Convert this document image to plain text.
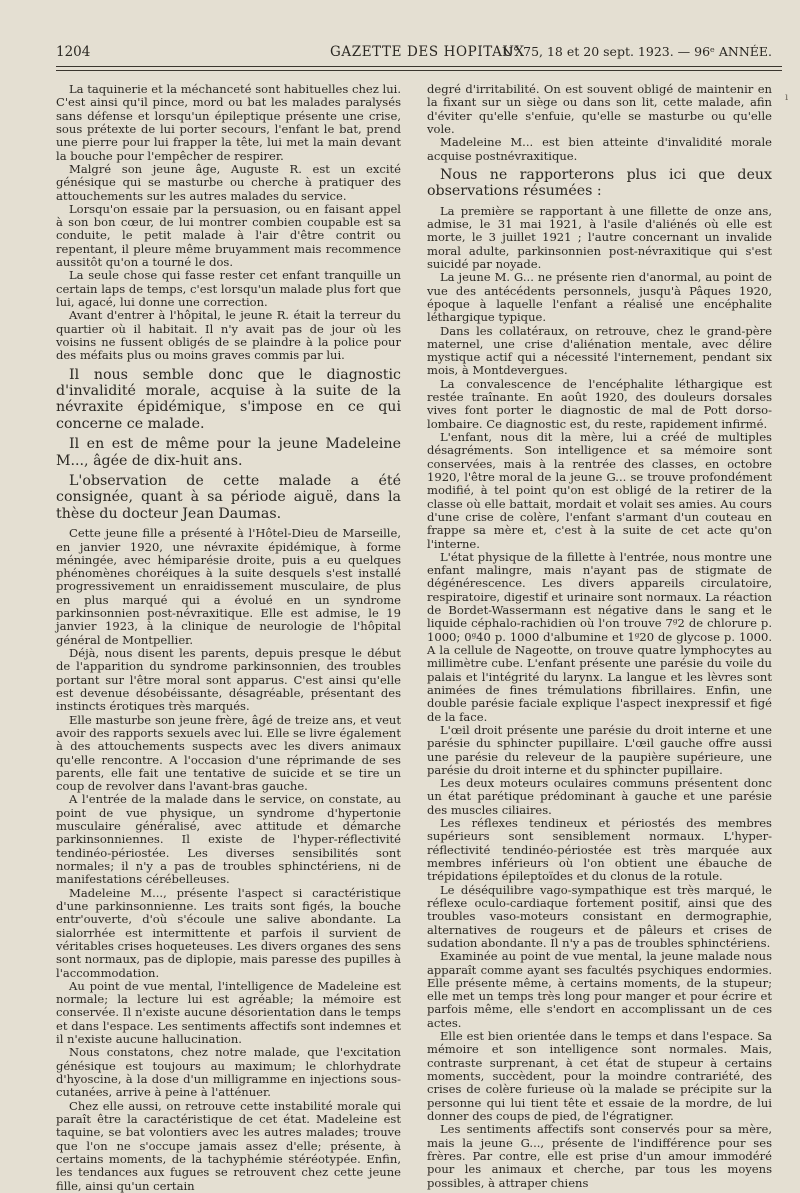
1204	GAZETTE DES HOPITAUX
N° 75, 18 et 20 sept. 1923. — 96ᵉ ANNÉE.

La taquinerie et la méchanceté sont habituelles chez lui. C'est ainsi qu'il pince, mord ou bat les malades paralysés sans défense et lorsqu'un épileptique présente une crise, sous prétexte de lui porter secours, l'enfant le bat, prend une pierre pour lui frapper la tête, lui met la main devant la bouche pour l'empêcher de respirer.

Malgré son jeune âge, Auguste R. est un excité génésique qui se masturbe ou cherche à pratiquer des attouchements sur les autres malades du service.

Lorsqu'on essaie par la persuasion, ou en faisant appel à son bon cœur, de lui montrer combien coupable est sa conduite, le petit malade à l'air d'être contrit ou repentant, il pleure même bruyamment mais recommence aussitôt qu'on a tourné le dos.

La seule chose qui fasse rester cet enfant tranquille un certain laps de temps, c'est lorsqu'un malade plus fort que lui, agacé, lui donne une correction.

Avant d'entrer à l'hôpital, le jeune R. était la terreur du quartier où il habitait. Il n'y avait pas de jour où les voisins ne fussent obligés de se plaindre à la police pour des méfaits plus ou moins graves commis par lui.

Il nous semble donc que le diagnostic d'invalidité morale, acquise à la suite de la névraxite épidémique, s'impose en ce qui concerne ce malade.

Il en est de même pour la jeune Madeleine M..., âgée de dix-huit ans.

L'observation de cette malade a été consignée, quant à sa période aiguë, dans la thèse du docteur Jean Daumas.

Cette jeune fille a présenté à l'Hôtel-Dieu de Marseille, en janvier 1920, une névraxite épidémique, à forme méningée, avec hémiparésie droite, puis a eu quelques phénomènes choréiques à la suite desquels s'est installé progressivement un enraidissement musculaire, de plus en plus marqué qui a évolué en un syndrome parkinsonnien post-névraxitique. Elle est admise, le 19 janvier 1923, à la clinique de neurologie de l'hôpital général de Montpellier.

Déjà, nous disent les parents, depuis presque le début de l'apparition du syndrome parkinsonnien, des troubles portant sur l'être moral sont apparus. C'est ainsi qu'elle est devenue désobéissante, désagréable, présentant des instincts érotiques très marqués.

Elle masturbe son jeune frère, âgé de treize ans, et veut avoir des rapports sexuels avec lui. Elle se livre également à des attouchements suspects avec les divers animaux qu'elle rencontre. A l'occasion d'une réprimande de ses parents, elle fait une tentative de suicide et se tire un coup de revolver dans l'avant-bras gauche.

A l'entrée de la malade dans le service, on constate, au point de vue physique, un syndrome d'hypertonie musculaire généralisé, avec attitude et démarche parkinsonniennes. Il existe de l'hyper-réflectivité tendinéo-périostée. Les diverses sensibilités sont normales; il n'y a pas de troubles sphinctériens, ni de manifestations cérébelleuses.

Madeleine M..., présente l'aspect si caractéristique d'une parkinsonnienne. Les traits sont figés, la bouche entr'ouverte, d'où s'écoule une salive abondante. La sialorrhée est intermittente et parfois il survient de véritables crises hoqueteuses. Les divers organes des sens sont normaux, pas de diplopie, mais paresse des pupilles à l'accommodation.

Au point de vue mental, l'intelligence de Madeleine est normale; la lecture lui est agréable; la mémoire est conservée. Il n'existe aucune désorientation dans le temps et dans l'espace. Les sentiments affectifs sont indemnes et il n'existe aucune hallucination.

Nous constatons, chez notre malade, que l'excitation génésique est toujours au maximum; le chlorhydrate d'hyoscine, à la dose d'un milligramme en injections sous-cutanées, arrive à peine à l'atténuer.

Chez elle aussi, on retrouve cette instabilité morale qui paraît être la caractéristique de cet état. Madeleine est taquine, se bat volontiers avec les autres malades; trouve que l'on ne s'occupe jamais assez d'elle; présente, à certains moments, de la tachyphémie stéréotypée. Enfin, les tendances aux fugues se retrouvent chez cette jeune fille, ainsi qu'un certain

degré d'irritabilité. On est souvent obligé de maintenir en la fixant sur un siège ou dans son lit, cette malade, afin d'éviter qu'elle s'enfuie, qu'elle se masturbe ou qu'elle vole.

Madeleine M... est bien atteinte d'invalidité morale acquise postnévraxitique.

Nous ne rapporterons plus ici que deux observations résumées :

La première se rapportant à une fillette de onze ans, admise, le 31 mai 1921, à l'asile d'aliénés où elle est morte, le 3 juillet 1921 ; l'autre concernant un invalide moral adulte, parkinsonnien post-névraxitique qui s'est suicidé par noyade.

La jeune M. G... ne présente rien d'anormal, au point de vue des antécédents personnels, jusqu'à Pâques 1920, époque à laquelle l'enfant a réalisé une encéphalite léthargique typique.

Dans les collatéraux, on retrouve, chez le grand-père maternel, une crise d'aliénation mentale, avec délire mystique actif qui a nécessité l'internement, pendant six mois, à Montdevergues.

La convalescence de l'encéphalite léthargique est restée traînante. En août 1920, des douleurs dorsales vives font porter le diagnostic de mal de Pott dorso-lombaire. Ce diagnostic est, du reste, rapidement infirmé.

L'enfant, nous dit la mère, lui a créé de multiples désagréments. Son intelligence et sa mémoire sont conservées, mais à la rentrée des classes, en octobre 1920, l'être moral de la jeune G... se trouve profondément modifié, à tel point qu'on est obligé de la retirer de la classe où elle battait, mordait et volait ses amies. Au cours d'une crise de colère, l'enfant s'armant d'un couteau en frappe sa mère et, c'est à la suite de cet acte qu'on l'interne.

L'état physique de la fillette à l'entrée, nous montre une enfant malingre, mais n'ayant pas de stigmate de dégénérescence. Les divers appareils circulatoire, respiratoire, digestif et urinaire sont normaux. La réaction de Bordet-Wassermann est négative dans le sang et le liquide céphalo-rachidien où l'on trouve 7ᵍ2 de chlorure p. 1000; 0ᵍ40 p. 1000 d'albumine et 1ᵍ20 de glycose p. 1000. A la cellule de Nageotte, on trouve quatre lymphocytes au millimètre cube. L'enfant présente une parésie du voile du palais et l'intégrité du larynx. La langue et les lèvres sont animées de fines trémulations fibrillaires. Enfin, une double parésie faciale explique l'aspect inexpressif et figé de la face.

L'œil droit présente une parésie du droit interne et une parésie du sphincter pupillaire. L'œil gauche offre aussi une parésie du releveur de la paupière supérieure, une parésie du droit interne et du sphincter pupillaire.

Les deux moteurs oculaires communs présentent donc un état parétique prédominant à gauche et une parésie des muscles ciliaires.

Les réflexes tendineux et périostés des membres supérieurs sont sensiblement normaux. L'hyper-réflectivité tendinéo-périostée est très marquée aux membres inférieurs où l'on obtient une ébauche de trépidations épileptoïdes et du clonus de la rotule.

Le déséquilibre vago-sympathique est très marqué, le réflexe oculo-cardiaque fortement positif, ainsi que des troubles vaso-moteurs consistant en dermographie, alternatives de rougeurs et de pâleurs et crises de sudation abondante. Il n'y a pas de troubles sphinctériens.

Examinée au point de vue mental, la jeune malade nous apparaît comme ayant ses facultés psychiques endormies. Elle présente même, à certains moments, de la stupeur; elle met un temps très long pour manger et pour écrire et parfois même, elle s'endort en accomplissant un de ces actes.

Elle est bien orientée dans le temps et dans l'espace. Sa mémoire et son intelligence sont normales. Mais, contraste surprenant, à cet état de stupeur à certains moments, succèdent, pour la moindre contrariété, des crises de colère furieuse où la malade se précipite sur la personne qui lui tient tête et essaie de la mordre, de lui donner des coups de pied, de l'égratigner.

Les sentiments affectifs sont conservés pour sa mère, mais la jeune G..., présente de l'indifférence pour ses frères. Par contre, elle est prise d'un amour immodéré pour les animaux et cherche, par tous les moyens possibles, à attraper chiens

ı
